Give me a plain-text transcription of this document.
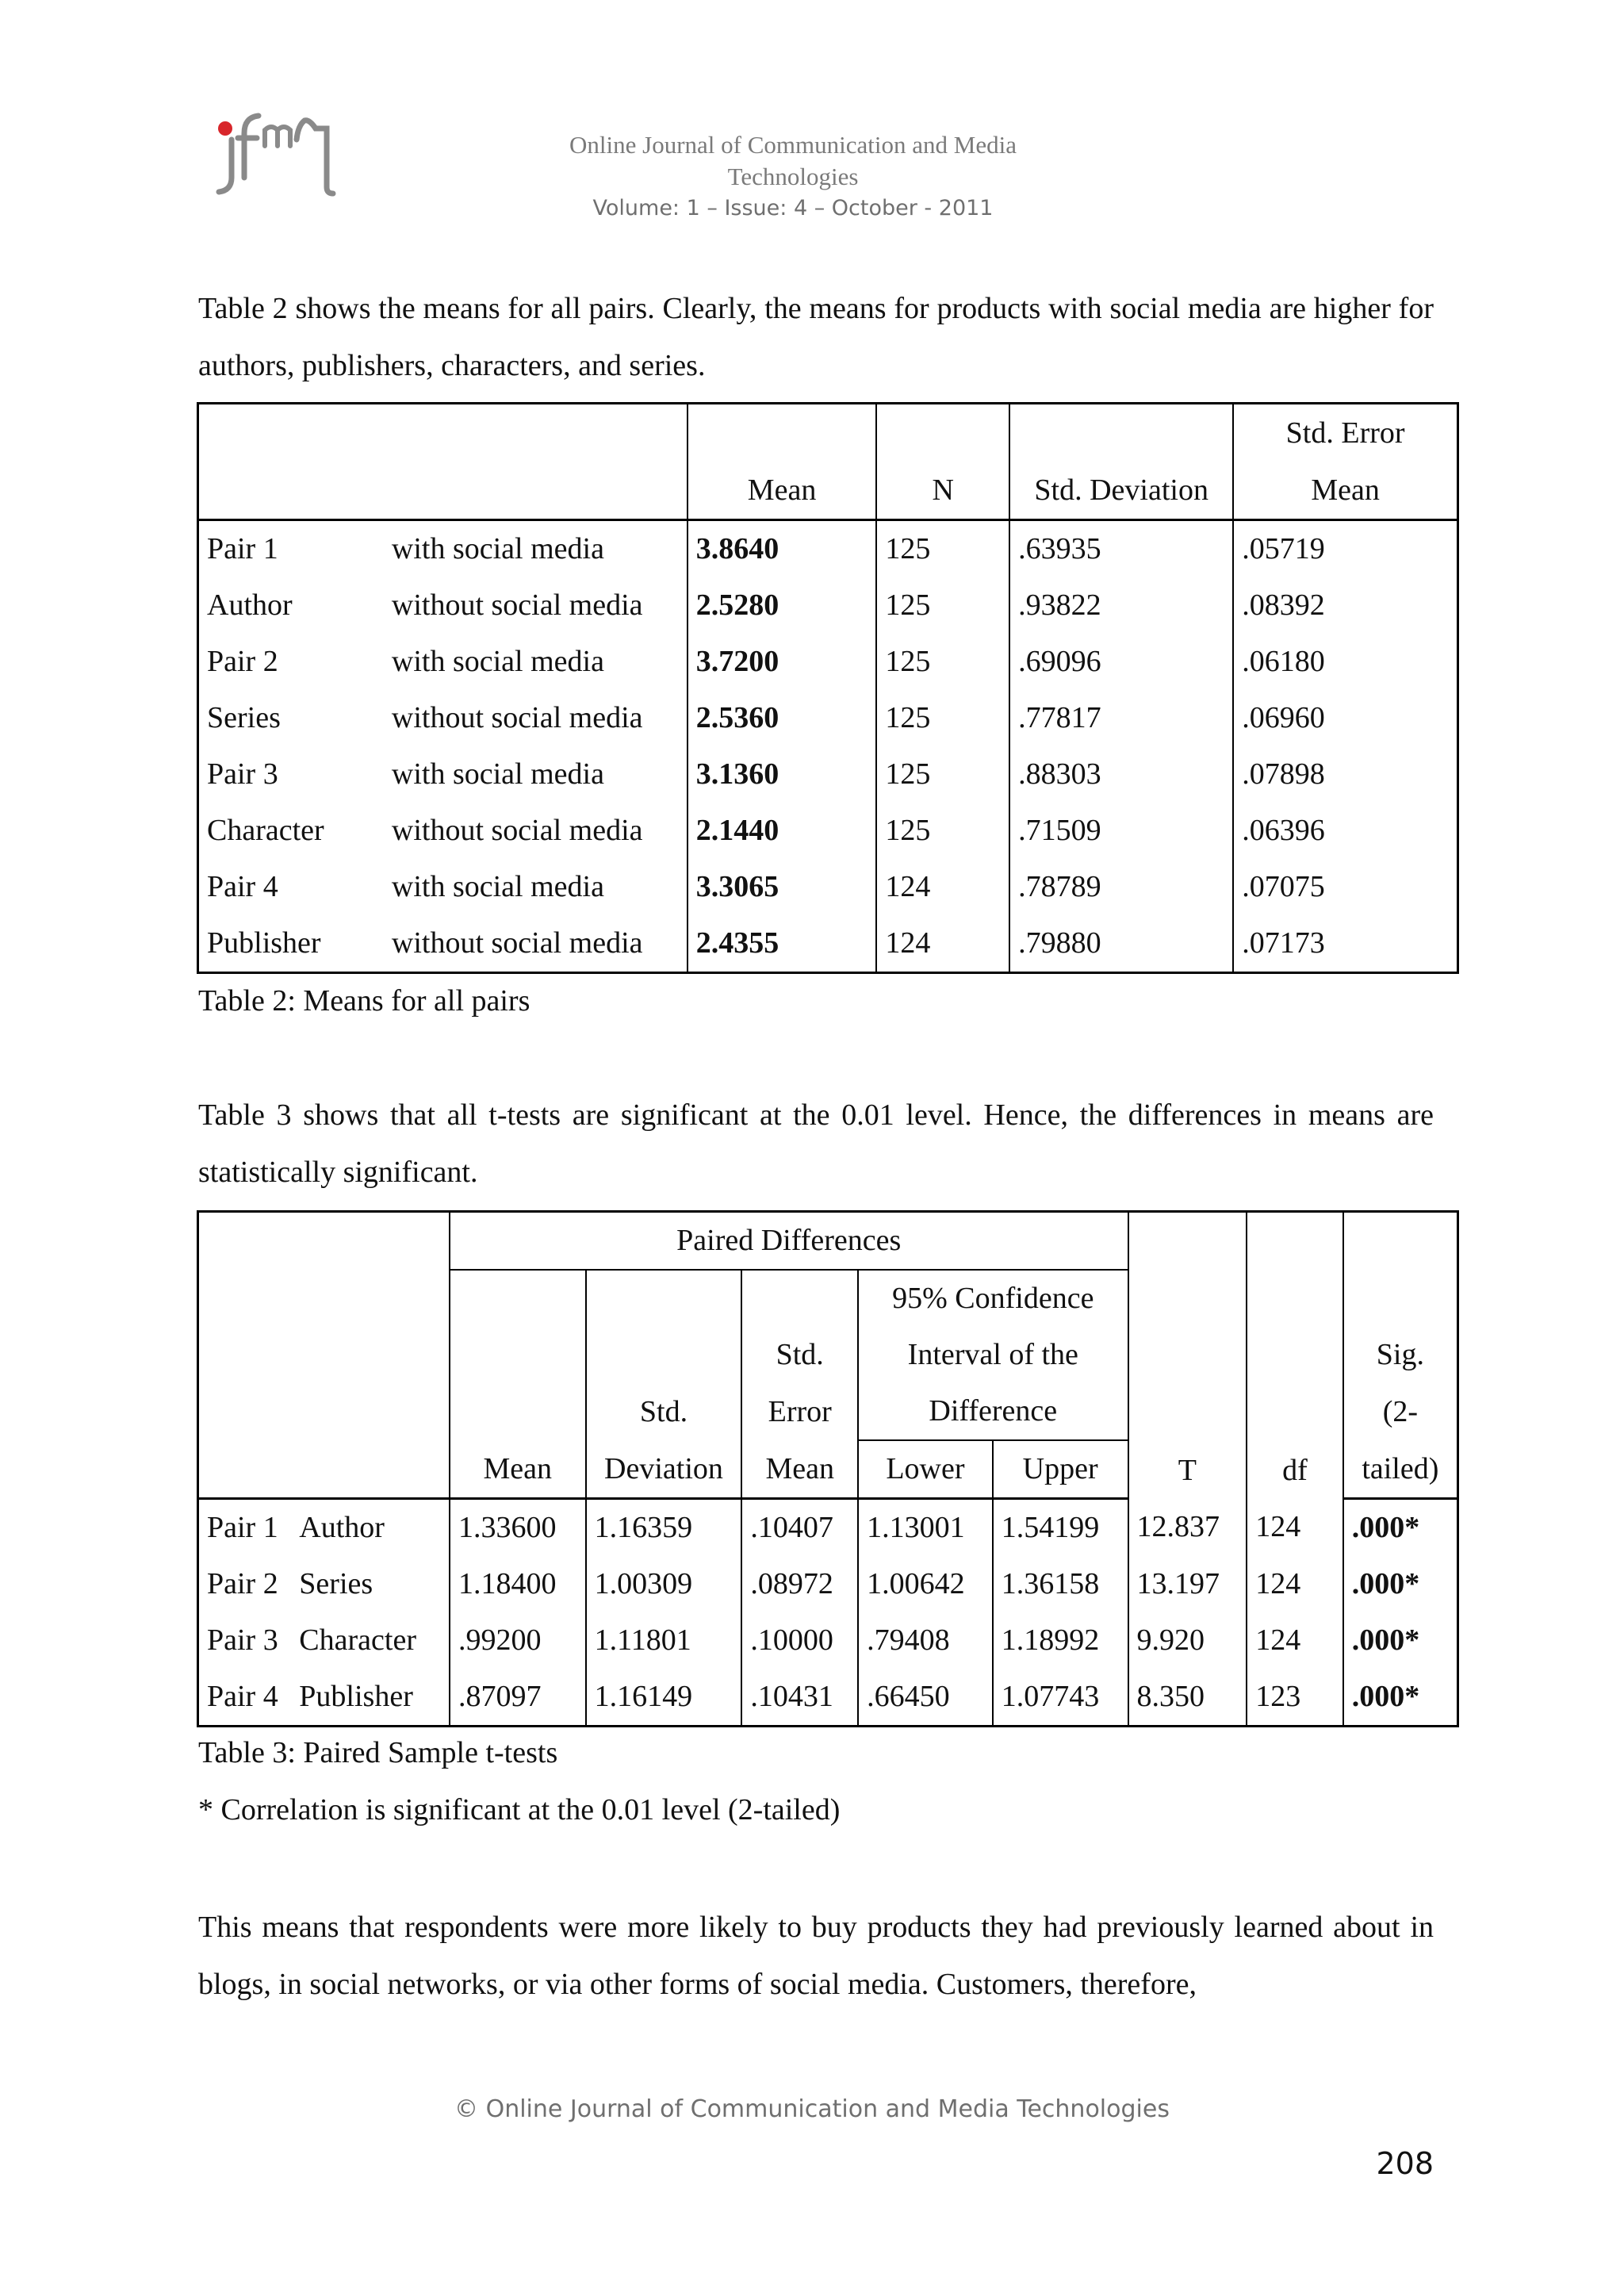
Online Journal of Communication and Media Technologies
Volume: 1 – Issue: 4 – October - 2011
Table 2 shows the means for all pairs. Clearly, the means for products with social media are higher for authors, publishers, characters, and series.
					Std. Error
		Mean	N	Std. Deviation	Mean
Pair 1	with social media	3.8640	125	.63935	.05719
Author	without social media	2.5280	125	.93822	.08392
Pair 2	with social media	3.7200	125	.69096	.06180
Series	without social media	2.5360	125	.77817	.06960
Pair 3	with social media	3.1360	125	.88303	.07898
Character	without social media	2.1440	125	.71509	.06396
Pair 4	with social media	3.3065	124	.78789	.07075
Publisher	without social media	2.4355	124	.79880	.07173
Table 2: Means for all pairs
Table 3 shows that all t-tests are significant at the 0.01 level. Hence, the differences in means are statistically significant.
		Paired Differences					T	df	
					95% Confidence				
				Std.	Interval of the				Sig.
			Std.	Error	Difference				(2-
		Mean	Deviation	Mean	Lower	Upper			tailed)
Pair 1	Author	1.33600	1.16359	.10407	1.13001	1.54199	12.837	124	.000*
Pair 2	Series	1.18400	1.00309	.08972	1.00642	1.36158	13.197	124	.000*
Pair 3	Character	.99200	1.11801	.10000	.79408	1.18992	9.920	124	.000*
Pair 4	Publisher	.87097	1.16149	.10431	.66450	1.07743	8.350	123	.000*
Table 3: Paired Sample t-tests
* Correlation is significant at the 0.01 level (2-tailed)
This means that respondents were more likely to buy products they had previously learned about in blogs, in social networks, or via other forms of social media. Customers, therefore,
© Online Journal of Communication and Media Technologies
208
